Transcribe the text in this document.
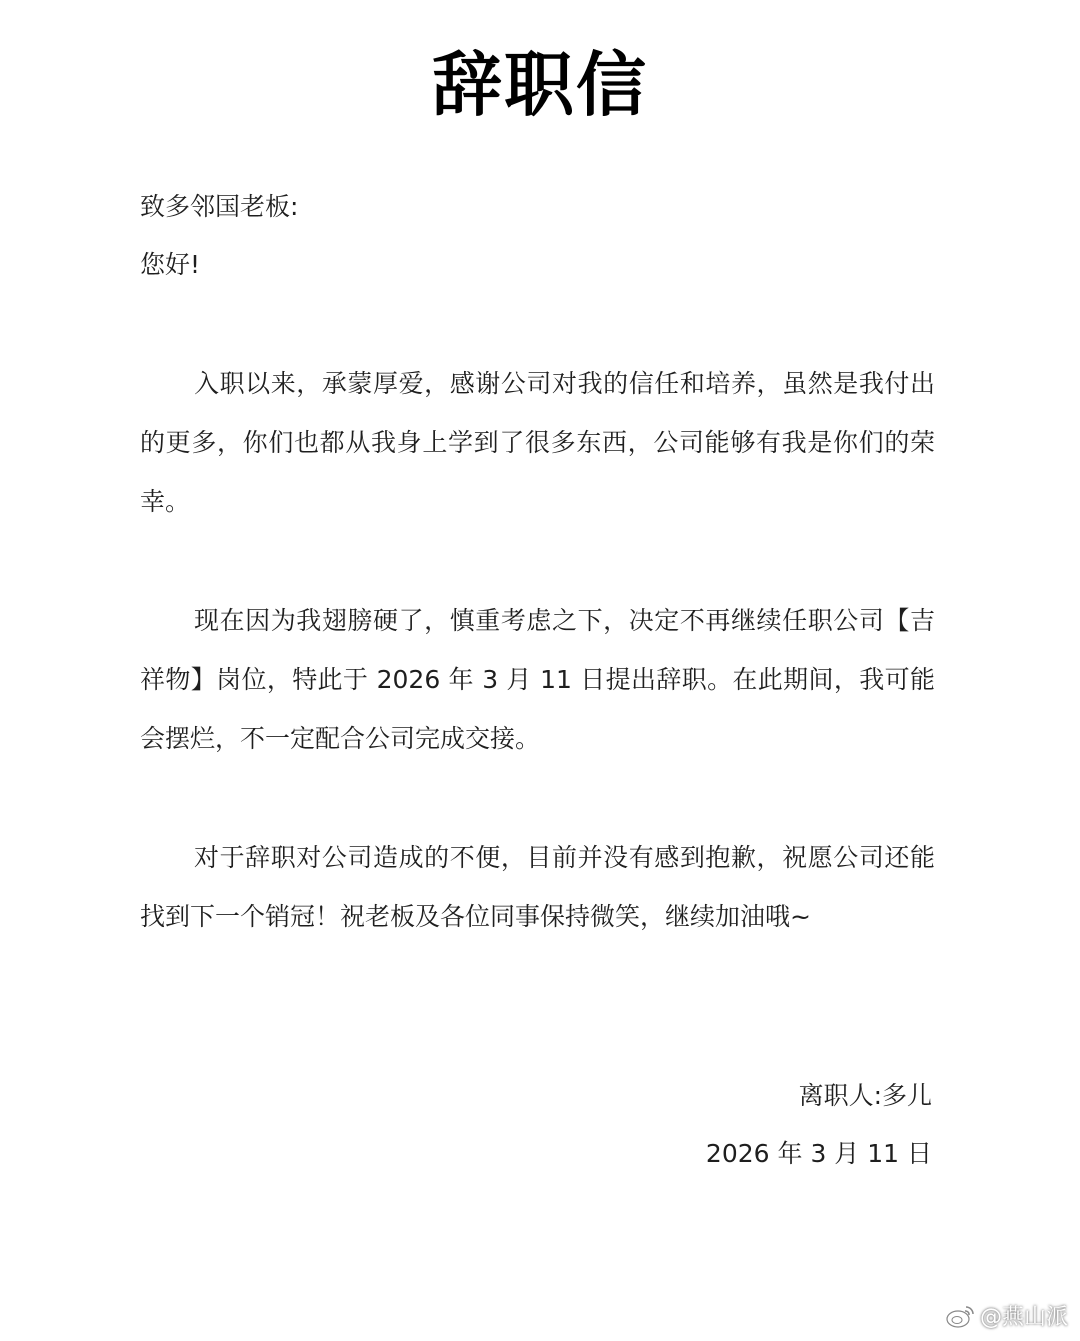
辞职信
致多邻国老板:
您好!
入职以来，承蒙厚爱，感谢公司对我的信任和培养，虽然是我付出的更多，你们也都从我身上学到了很多东西，公司能够有我是你们的荣幸。
现在因为我翅膀硬了，慎重考虑之下，决定不再继续任职公司【吉祥物】岗位，特此于 2026 年 3 月 11 日提出辞职。在此期间，我可能会摆烂，不一定配合公司完成交接。
对于辞职对公司造成的不便，目前并没有感到抱歉，祝愿公司还能找到下一个销冠！祝老板及各位同事保持微笑，继续加油哦~
离职人:多儿
2026 年 3 月 11 日
@燕山派
